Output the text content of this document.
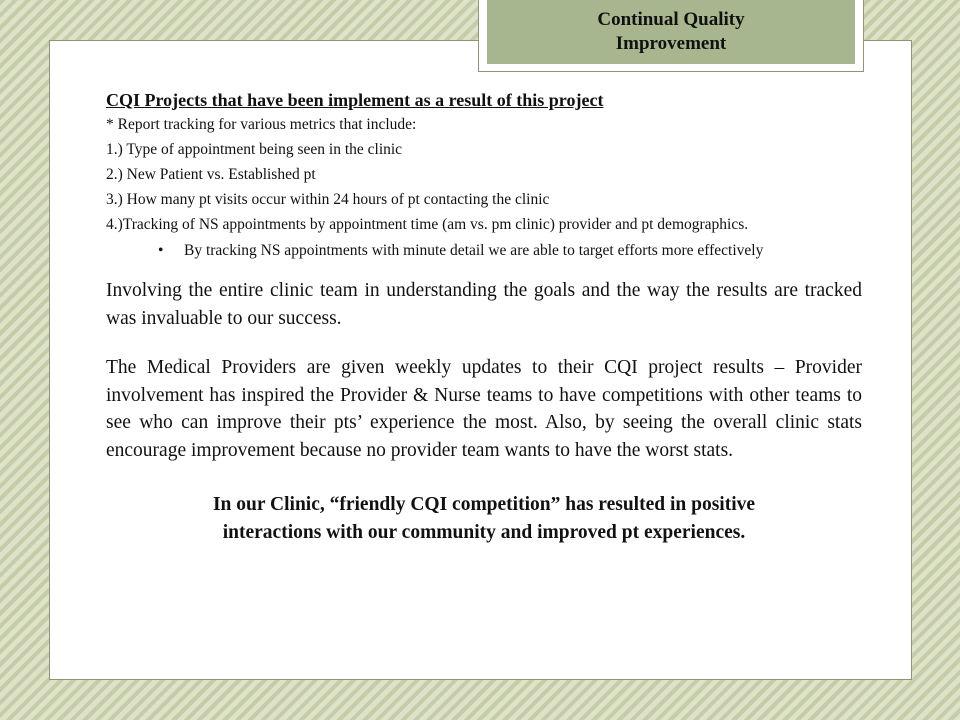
Continual Quality
Improvement
CQI Projects that have been implement as a result of this project
* Report tracking for various metrics that include:
1.) Type of appointment being seen in the clinic
2.) New Patient vs. Established pt
3.) How many pt visits occur within 24 hours of pt contacting the clinic
4.)Tracking of NS appointments by appointment time (am vs. pm clinic) provider and pt demographics.
• By tracking NS appointments with minute detail we are able to target efforts more effectively
Involving the entire clinic team in understanding the goals and the way the results are tracked was invaluable to our success.
The Medical Providers are given weekly updates to their CQI project results – Provider involvement has inspired the Provider & Nurse teams to have competitions with other teams to see who can improve their pts’ experience the most. Also, by seeing the overall clinic stats encourage improvement because no provider team wants to have the worst stats.
In our Clinic, “friendly CQI competition” has resulted in positive
interactions with our community and improved pt experiences.
